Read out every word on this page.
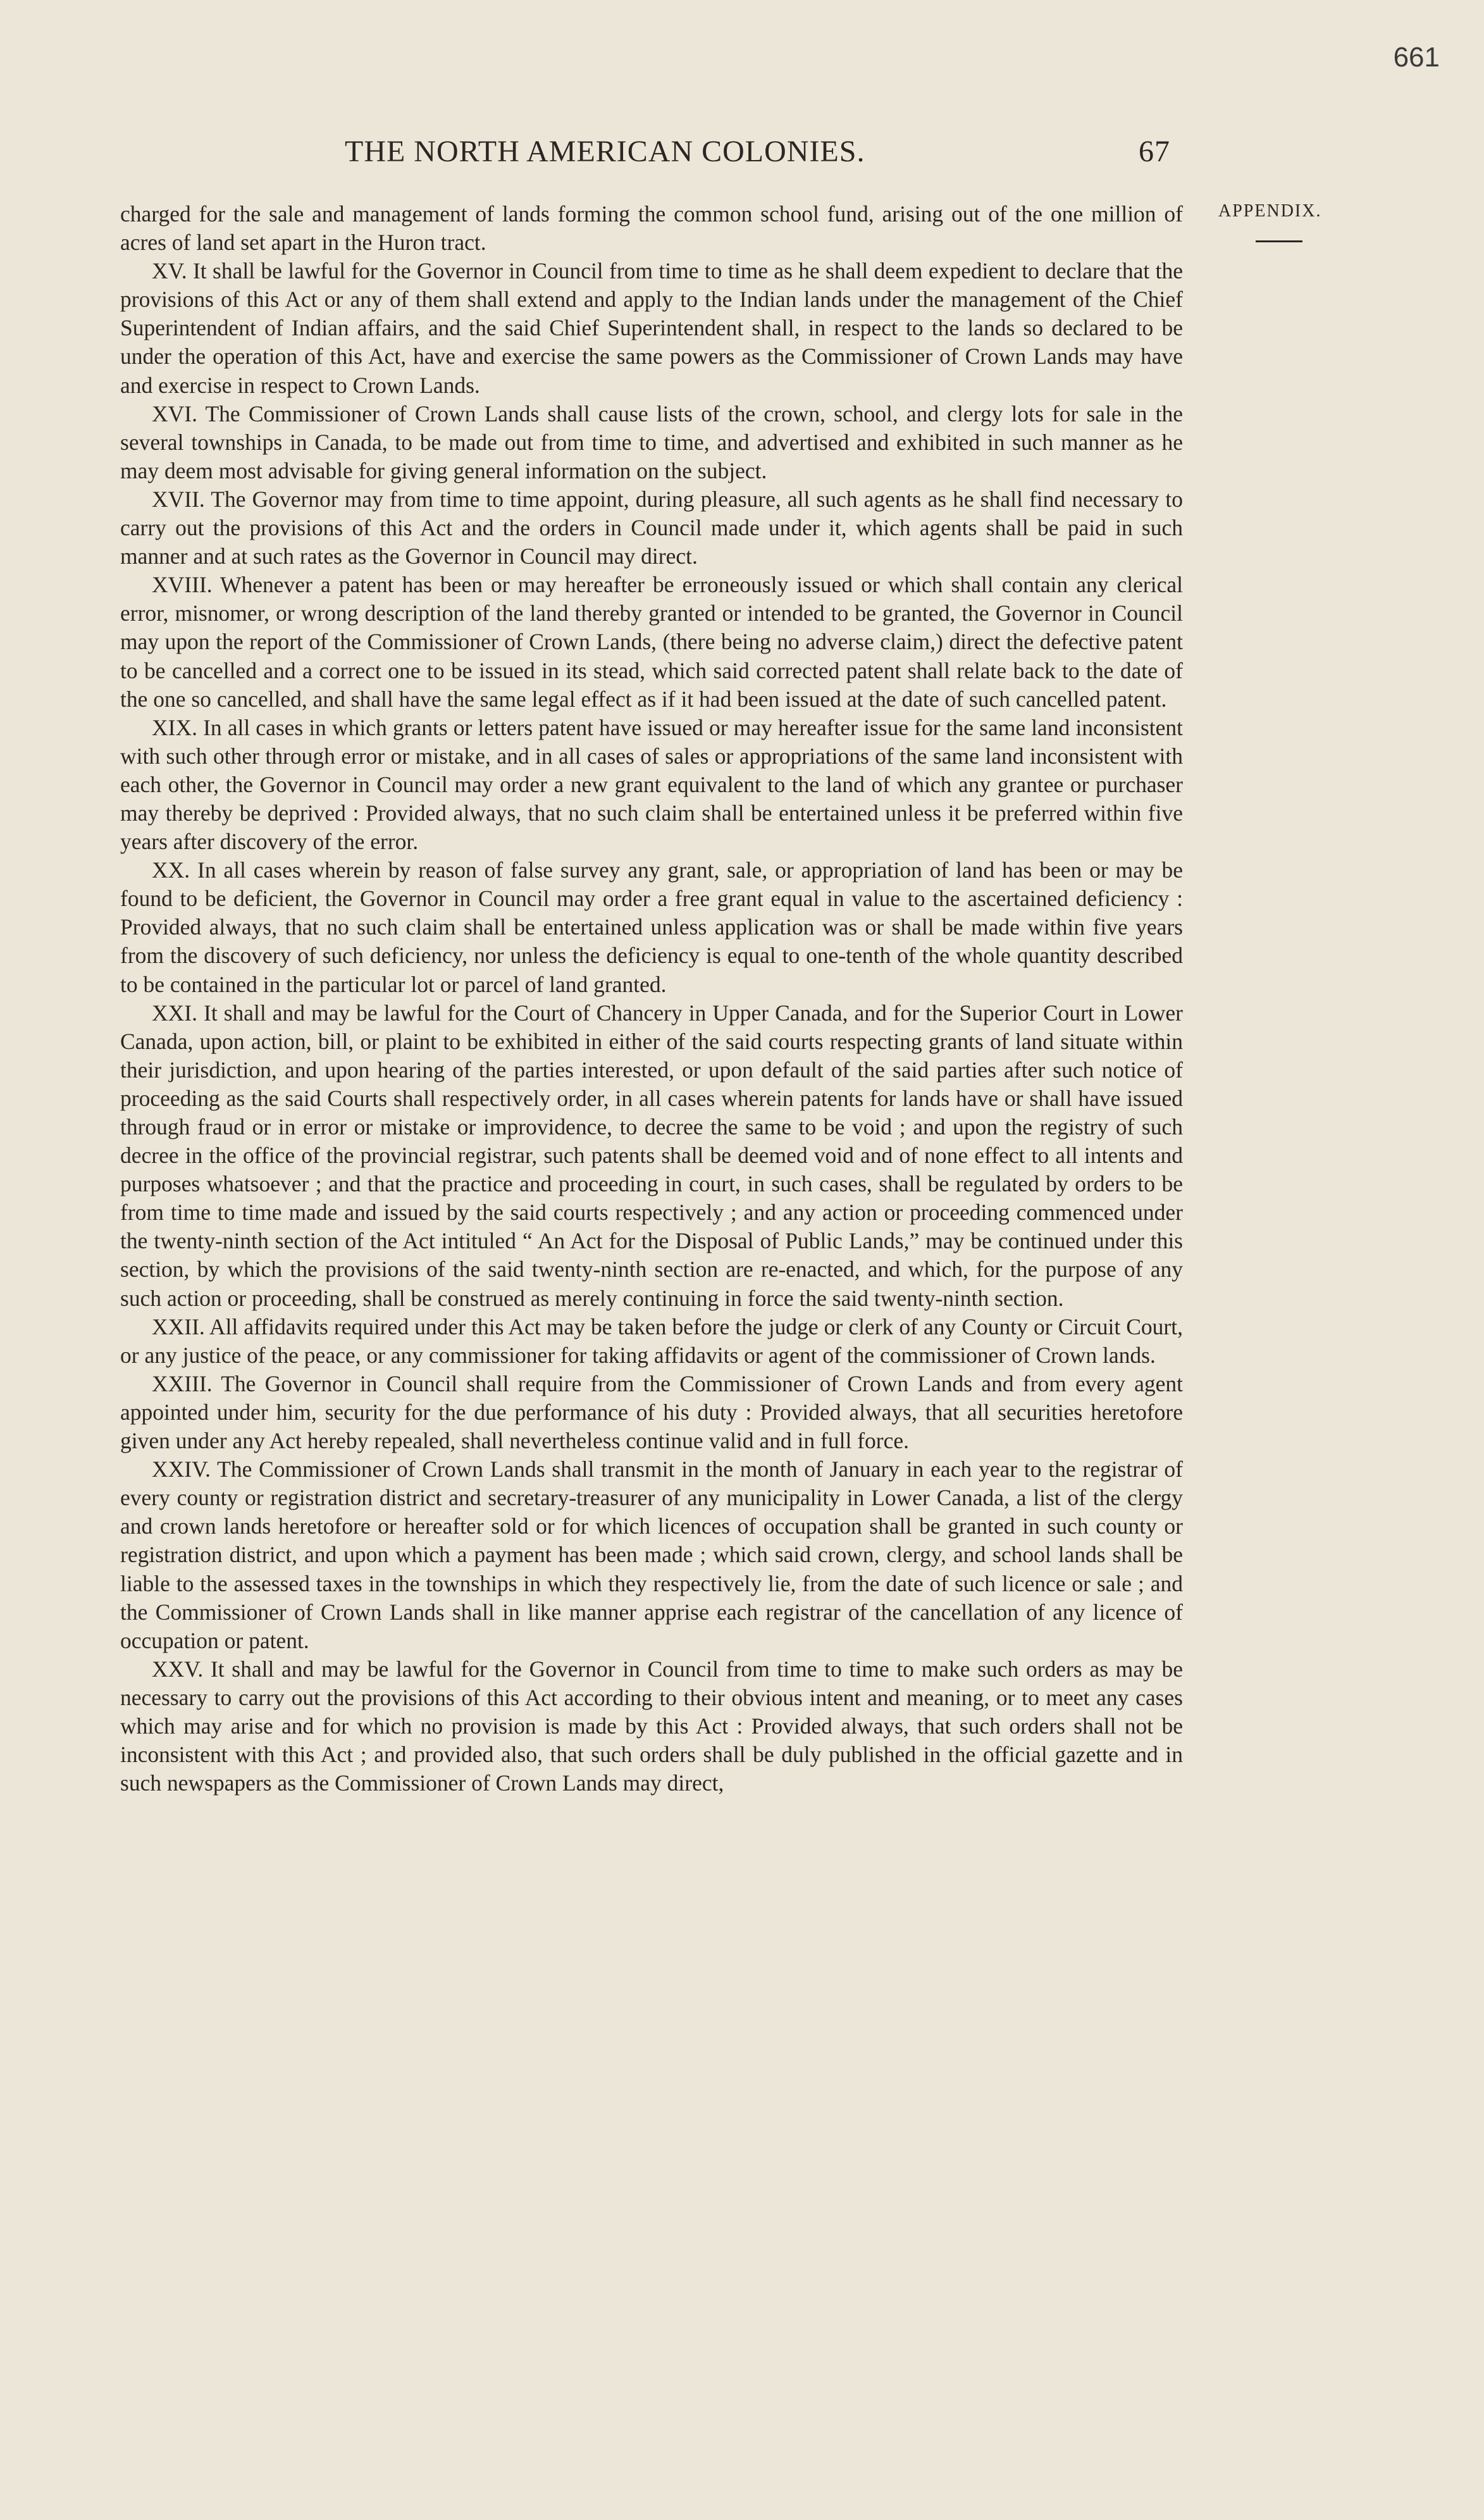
661
THE NORTH AMERICAN COLONIES.	67
APPENDIX.

charged for the sale and management of lands forming the common school fund, arising out of the one million of acres of land set apart in the Huron tract.

XV. It shall be lawful for the Governor in Council from time to time as he shall deem expedient to declare that the provisions of this Act or any of them shall extend and apply to the Indian lands under the management of the Chief Superintendent of Indian affairs, and the said Chief Superintendent shall, in respect to the lands so declared to be under the operation of this Act, have and exercise the same powers as the Commissioner of Crown Lands may have and exercise in respect to Crown Lands.

XVI. The Commissioner of Crown Lands shall cause lists of the crown, school, and clergy lots for sale in the several townships in Canada, to be made out from time to time, and advertised and exhibited in such manner as he may deem most advisable for giving general information on the subject.

XVII. The Governor may from time to time appoint, during pleasure, all such agents as he shall find necessary to carry out the provisions of this Act and the orders in Council made under it, which agents shall be paid in such manner and at such rates as the Governor in Council may direct.

XVIII. Whenever a patent has been or may hereafter be erroneously issued or which shall contain any clerical error, misnomer, or wrong description of the land thereby granted or intended to be granted, the Governor in Council may upon the report of the Commissioner of Crown Lands, (there being no adverse claim,) direct the defective patent to be cancelled and a correct one to be issued in its stead, which said corrected patent shall relate back to the date of the one so cancelled, and shall have the same legal effect as if it had been issued at the date of such cancelled patent.

XIX. In all cases in which grants or letters patent have issued or may hereafter issue for the same land inconsistent with such other through error or mistake, and in all cases of sales or appropriations of the same land inconsistent with each other, the Governor in Council may order a new grant equivalent to the land of which any grantee or purchaser may thereby be deprived : Provided always, that no such claim shall be entertained unless it be preferred within five years after discovery of the error.

XX. In all cases wherein by reason of false survey any grant, sale, or appropriation of land has been or may be found to be deficient, the Governor in Council may order a free grant equal in value to the ascertained deficiency : Provided always, that no such claim shall be entertained unless application was or shall be made within five years from the discovery of such deficiency, nor unless the deficiency is equal to one-tenth of the whole quantity described to be contained in the particular lot or parcel of land granted.

XXI. It shall and may be lawful for the Court of Chancery in Upper Canada, and for the Superior Court in Lower Canada, upon action, bill, or plaint to be exhibited in either of the said courts respecting grants of land situate within their jurisdiction, and upon hearing of the parties interested, or upon default of the said parties after such notice of proceeding as the said Courts shall respectively order, in all cases wherein patents for lands have or shall have issued through fraud or in error or mistake or improvidence, to decree the same to be void ; and upon the registry of such decree in the office of the provincial registrar, such patents shall be deemed void and of none effect to all intents and purposes whatsoever ; and that the practice and proceeding in court, in such cases, shall be regulated by orders to be from time to time made and issued by the said courts respectively ; and any action or proceeding commenced under the twenty-ninth section of the Act intituled “ An Act for the Disposal of Public Lands,” may be continued under this section, by which the provisions of the said twenty-ninth section are re-enacted, and which, for the purpose of any such action or proceeding, shall be construed as merely continuing in force the said twenty-ninth section.

XXII. All affidavits required under this Act may be taken before the judge or clerk of any County or Circuit Court, or any justice of the peace, or any commissioner for taking affidavits or agent of the commissioner of Crown lands.

XXIII. The Governor in Council shall require from the Commissioner of Crown Lands and from every agent appointed under him, security for the due performance of his duty : Provided always, that all securities heretofore given under any Act hereby repealed, shall nevertheless continue valid and in full force.

XXIV. The Commissioner of Crown Lands shall transmit in the month of January in each year to the registrar of every county or registration district and secretary-treasurer of any municipality in Lower Canada, a list of the clergy and crown lands heretofore or hereafter sold or for which licences of occupation shall be granted in such county or registration district, and upon which a payment has been made ; which said crown, clergy, and school lands shall be liable to the assessed taxes in the townships in which they respectively lie, from the date of such licence or sale ; and the Commissioner of Crown Lands shall in like manner apprise each registrar of the cancellation of any licence of occupation or patent.

XXV. It shall and may be lawful for the Governor in Council from time to time to make such orders as may be necessary to carry out the provisions of this Act according to their obvious intent and meaning, or to meet any cases which may arise and for which no provision is made by this Act : Provided always, that such orders shall not be inconsistent with this Act ; and provided also, that such orders shall be duly published in the official gazette and in such newspapers as the Commissioner of Crown Lands may direct,
